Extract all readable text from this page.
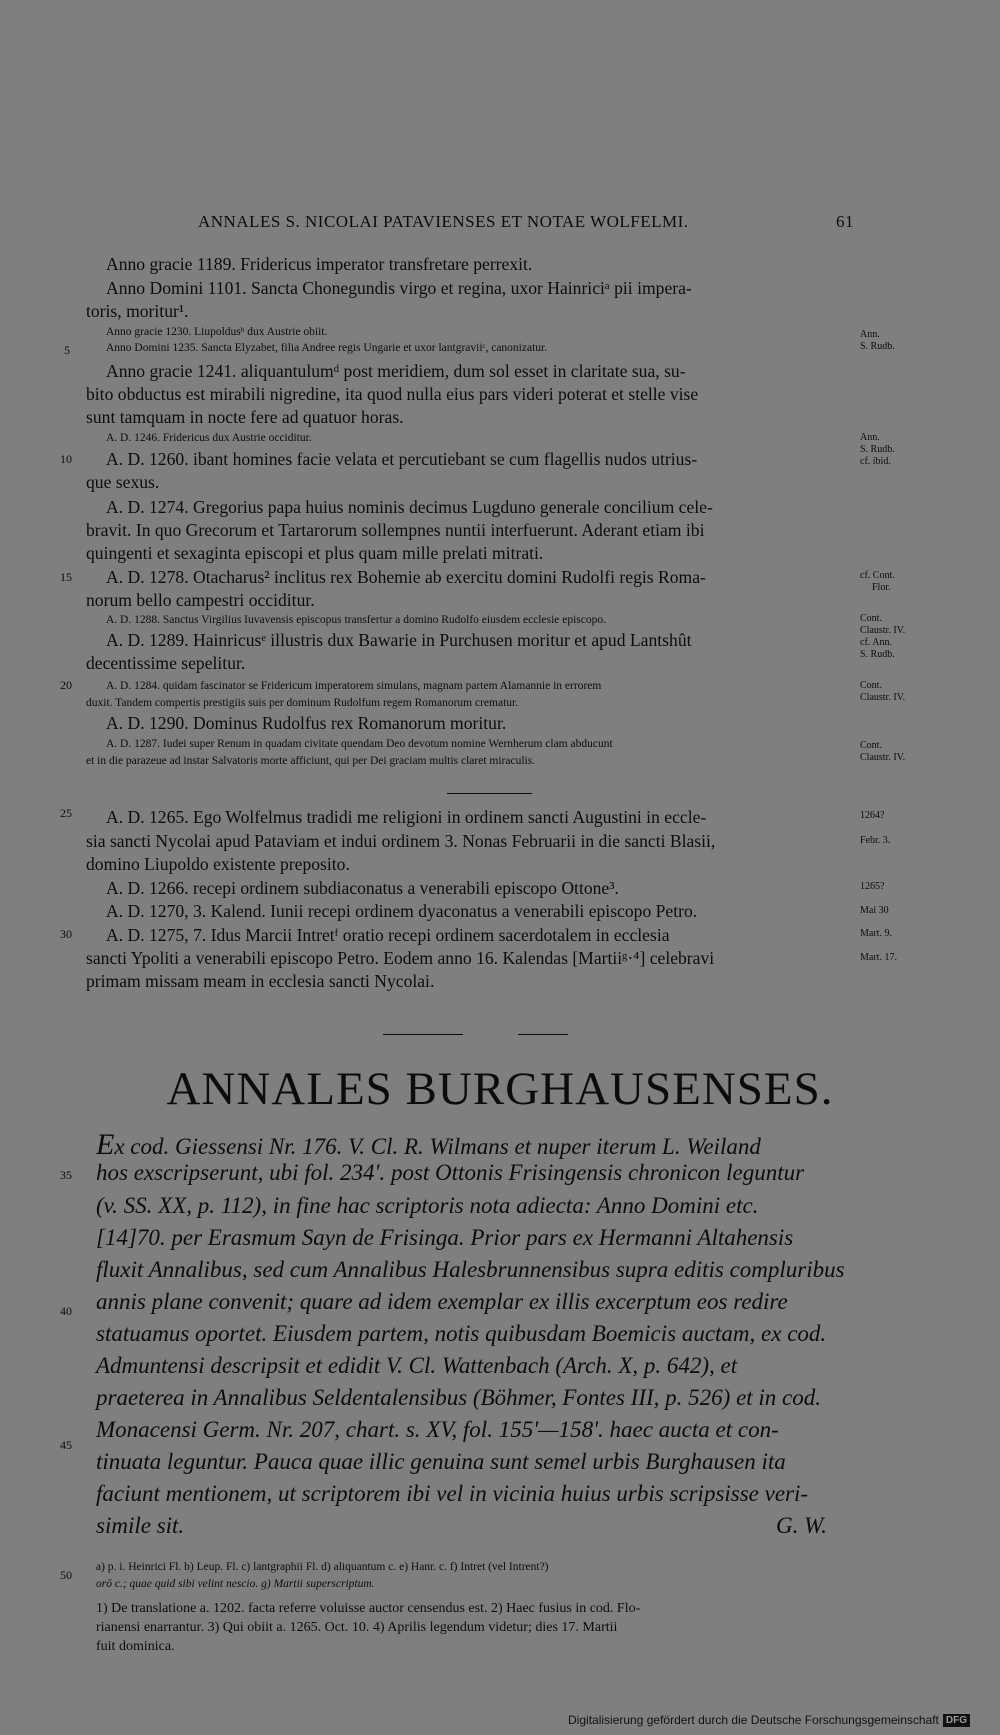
ANNALES S. NICOLAI PATAVIENSES ET NOTAE WOLFELMI.	61
Anno gracie 1189. Fridericus imperator transfretare perrexit.
Anno Domini 1101. Sancta Chonegundis virgo et regina, uxor Hainriciᵃ pii impera-
toris, moritur¹.
Anno gracie 1230. Liupoldusᵇ dux Austrie obiit.
Anno Domini 1235. Sancta Elyzabet, filia Andree regis Ungarie et uxor lantgraviiᶜ, canonizatur.
Anno gracie 1241. aliquantulumᵈ post meridiem, dum sol esset in claritate sua, su-
bito obductus est mirabili nigredine, ita quod nulla eius pars videri poterat et stelle vise
sunt tamquam in nocte fere ad quatuor horas.
A. D. 1246. Fridericus dux Austrie occiditur.
A. D. 1260. ibant homines facie velata et percutiebant se cum flagellis nudos utrius-
que sexus.
A. D. 1274. Gregorius papa huius nominis decimus Lugduno generale concilium cele-
bravit. In quo Grecorum et Tartarorum sollempnes nuntii interfuerunt. Aderant etiam ibi
quingenti et sexaginta episcopi et plus quam mille prelati mitrati.
A. D. 1278. Otacharus² inclitus rex Bohemie ab exercitu domini Rudolfi regis Roma-
norum bello campestri occiditur.
A. D. 1288. Sanctus Virgilius Iuvavensis episcopus transfertur a domino Rudolfo eiusdem ecclesie episcopo.
A. D. 1289. Hainricusᵉ illustris dux Bawarie in Purchusen moritur et apud Lantshût
decentissime sepelitur.
A. D. 1284. quidam fascinator se Fridericum imperatorem simulans, magnam partem Alamannie in errorem
duxit. Tandem compertis prestigiis suis per dominum Rudolfum regem Romanorum crematur.
A. D. 1290. Dominus Rudolfus rex Romanorum moritur.
A. D. 1287. Iudei super Renum in quadam civitate quendam Deo devotum nomine Wernherum clam abducunt
et in die parazeue ad instar Salvatoris morte afficiunt, qui per Dei graciam multis claret miraculis.
A. D. 1265. Ego Wolfelmus tradidi me religioni in ordinem sancti Augustini in eccle-
sia sancti Nycolai apud Pataviam et indui ordinem 3. Nonas Februarii in die sancti Blasii,
domino Liupoldo existente preposito.
A. D. 1266. recepi ordinem subdiaconatus a venerabili episcopo Ottone³.
A. D. 1270, 3. Kalend. Iunii recepi ordinem dyaconatus a venerabili episcopo Petro.
A. D. 1275, 7. Idus Marcii Intretᶠ oratio recepi ordinem sacerdotalem in ecclesia
sancti Ypoliti a venerabili episcopo Petro. Eodem anno 16. Kalendas [Martiiᵍ·⁴] celebravi
primam missam meam in ecclesia sancti Nycolai.
Ann.
S. Rudb.
Ann.
S. Rudb.
cf. ibid.
cf. Cont.
Flor.
Cont.
Claustr. IV.
cf. Ann.
S. Rudb.
Cont.
Claustr. IV.
Cont.
Claustr. IV.
1264?
Febr. 3.
1265?
Mai 30
Mart. 9.
Mart. 17.
5
10
15
20
25
30
35
40
45
50
ANNALES BURGHAUSENSES.
Ex cod. Giessensi Nr. 176. V. Cl. R. Wilmans et nuper iterum L. Weiland
hos exscripserunt, ubi fol. 234'. post Ottonis Frisingensis chronicon leguntur
(v. SS. XX, p. 112), in fine hac scriptoris nota adiecta: Anno Domini etc.
[14]70. per Erasmum Sayn de Frisinga. Prior pars ex Hermanni Altahensis
fluxit Annalibus, sed cum Annalibus Halesbrunnensibus supra editis compluribus
annis plane convenit; quare ad idem exemplar ex illis excerptum eos redire
statuamus oportet. Eiusdem partem, notis quibusdam Boemicis auctam, ex cod.
Admuntensi descripsit et edidit V. Cl. Wattenbach (Arch. X, p. 642), et
praeterea in Annalibus Seldentalensibus (Böhmer, Fontes III, p. 526) et in cod.
Monacensi Germ. Nr. 207, chart. s. XV, fol. 155'—158'. haec aucta et con-
tinuata leguntur. Pauca quae illic genuina sunt semel urbis Burghausen ita
faciunt mentionem, ut scriptorem ibi vel in vicinia huius urbis scripsisse veri-
simile sit.	G. W.
a) p. i. Heinrici Fl. b) Leup. Fl. c) lantgraphii Fl. d) aliquantum c. e) Hanr. c. f) Intret (vel Intrent?)
orō c.; quae quid sibi velint nescio. g) Martii superscriptum.
1) De translatione a. 1202. facta referre voluisse auctor censendus est. 2) Haec fusius in cod. Flo-
rianensi enarrantur. 3) Qui obiit a. 1265. Oct. 10. 4) Aprilis legendum videtur; dies 17. Martii
fuit dominica.
Digitalisierung gefördert durch die Deutsche Forschungsgemeinschaft DFG
